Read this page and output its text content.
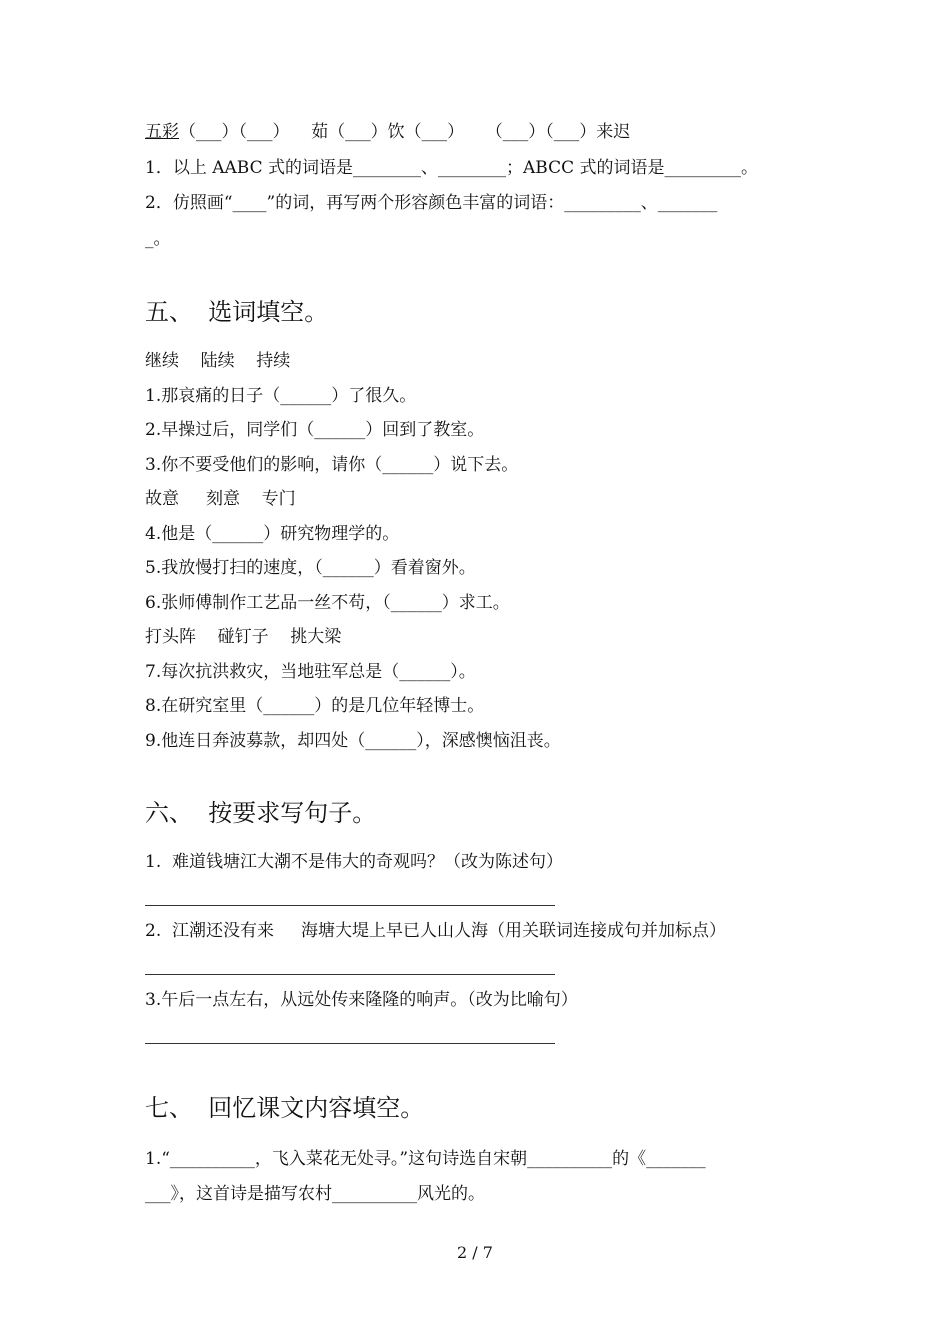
五彩（___）（___）    茹（___）饮（___）    （___）（___）来迟
1．以上 AABC 式的词语是________、________；ABCC 式的词语是_________。
2．仿照画“____”的词，再写两个形容颜色丰富的词语：_________、_______
_。
五、  选词填空。
继续    陆续    持续
1.那哀痛的日子（______）了很久。
2.早操过后，同学们（______）回到了教室。
3.你不要受他们的影响，请你（______）说下去。
故意     刻意    专门
4.他是（______）研究物理学的。
5.我放慢打扫的速度，（______）看着窗外。
6.张师傅制作工艺品一丝不苟，（______）求工。
打头阵    碰钉子    挑大梁
7.每次抗洪救灾，当地驻军总是（______）。
8.在研究室里（______）的是几位年轻博士。
9.他连日奔波募款，却四处（______），深感懊恼沮丧。
六、  按要求写句子。
1.  难道钱塘江大潮不是伟大的奇观吗？（改为陈述句）
2.  江潮还没有来     海塘大堤上早已人山人海（用关联词连接成句并加标点）
3.午后一点左右，从远处传来隆隆的响声。（改为比喻句）
七、  回忆课文内容填空。
1.“__________，飞入菜花无处寻。”这句诗选自宋朝__________的《_______
___》，这首诗是描写农村__________风光的。
2 / 7
